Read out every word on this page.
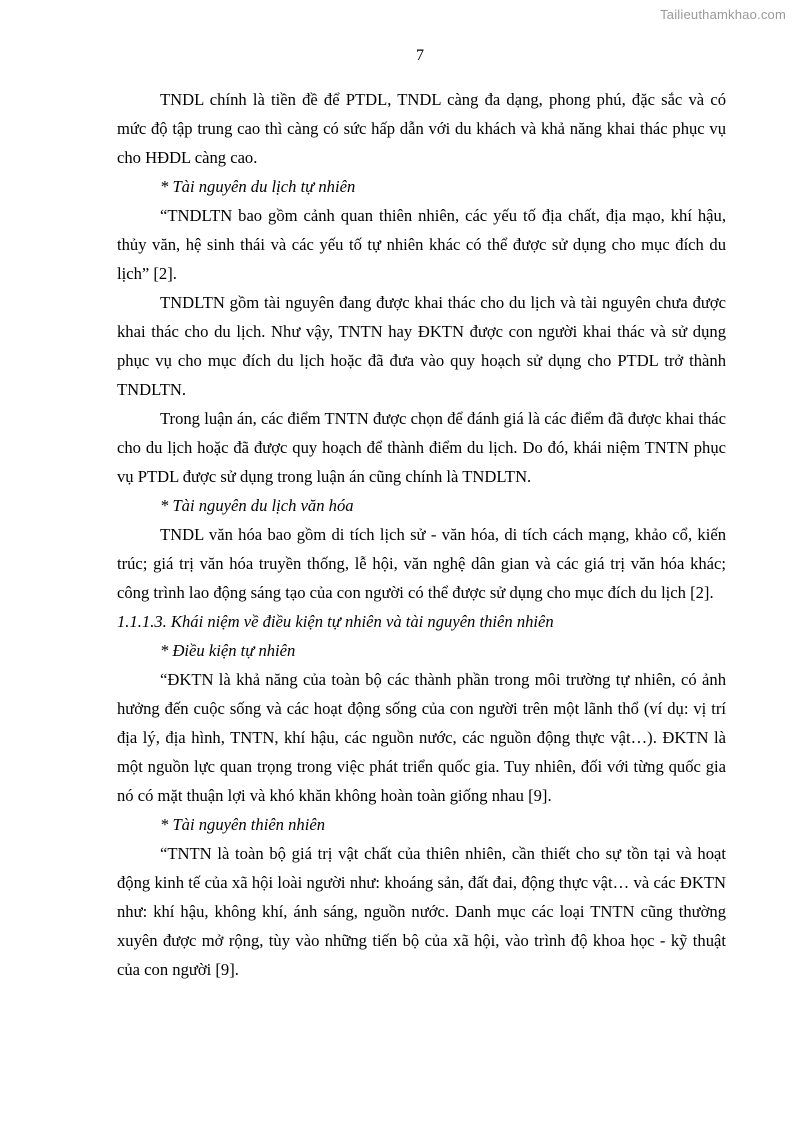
Tailieuthamkhao.com
7

TNDL chính là tiền đề để PTDL, TNDL càng đa dạng, phong phú, đặc sắc và có mức độ tập trung cao thì càng có sức hấp dẫn với du khách và khả năng khai thác phục vụ cho HĐDL càng cao.

* Tài nguyên du lịch tự nhiên

“TNDLTN bao gồm cảnh quan thiên nhiên, các yếu tố địa chất, địa mạo, khí hậu, thủy văn, hệ sinh thái và các yếu tố tự nhiên khác có thể được sử dụng cho mục đích du lịch” [2].

TNDLTN gồm tài nguyên đang được khai thác cho du lịch và tài nguyên chưa được khai thác cho du lịch. Như vậy, TNTN hay ĐKTN được con người khai thác và sử dụng phục vụ cho mục đích du lịch hoặc đã đưa vào quy hoạch sử dụng cho PTDL trở thành TNDLTN.

Trong luận án, các điểm TNTN được chọn để đánh giá là các điểm đã được khai thác cho du lịch hoặc đã được quy hoạch để thành điểm du lịch. Do đó, khái niệm TNTN phục vụ PTDL được sử dụng trong luận án cũng chính là TNDLTN.

* Tài nguyên du lịch văn hóa

TNDL văn hóa bao gồm di tích lịch sử - văn hóa, di tích cách mạng, khảo cổ, kiến trúc; giá trị văn hóa truyền thống, lễ hội, văn nghệ dân gian và các giá trị văn hóa khác; công trình lao động sáng tạo của con người có thể được sử dụng cho mục đích du lịch [2].

1.1.1.3. Khái niệm về điều kiện tự nhiên và tài nguyên thiên nhiên

* Điều kiện tự nhiên

“ĐKTN là khả năng của toàn bộ các thành phần trong môi trường tự nhiên, có ảnh hưởng đến cuộc sống và các hoạt động sống của con người trên một lãnh thổ (ví dụ: vị trí địa lý, địa hình, TNTN, khí hậu, các nguồn nước, các nguồn động thực vật…). ĐKTN là một nguồn lực quan trọng trong việc phát triển quốc gia. Tuy nhiên, đối với từng quốc gia nó có mặt thuận lợi và khó khăn không hoàn toàn giống nhau [9].

* Tài nguyên thiên nhiên

“TNTN là toàn bộ giá trị vật chất của thiên nhiên, cần thiết cho sự tồn tại và hoạt động kinh tế của xã hội loài người như: khoáng sản, đất đai, động thực vật… và các ĐKTN như: khí hậu, không khí, ánh sáng, nguồn nước. Danh mục các loại TNTN cũng thường xuyên được mở rộng, tùy vào những tiến bộ của xã hội, vào trình độ khoa học - kỹ thuật của con người [9].
